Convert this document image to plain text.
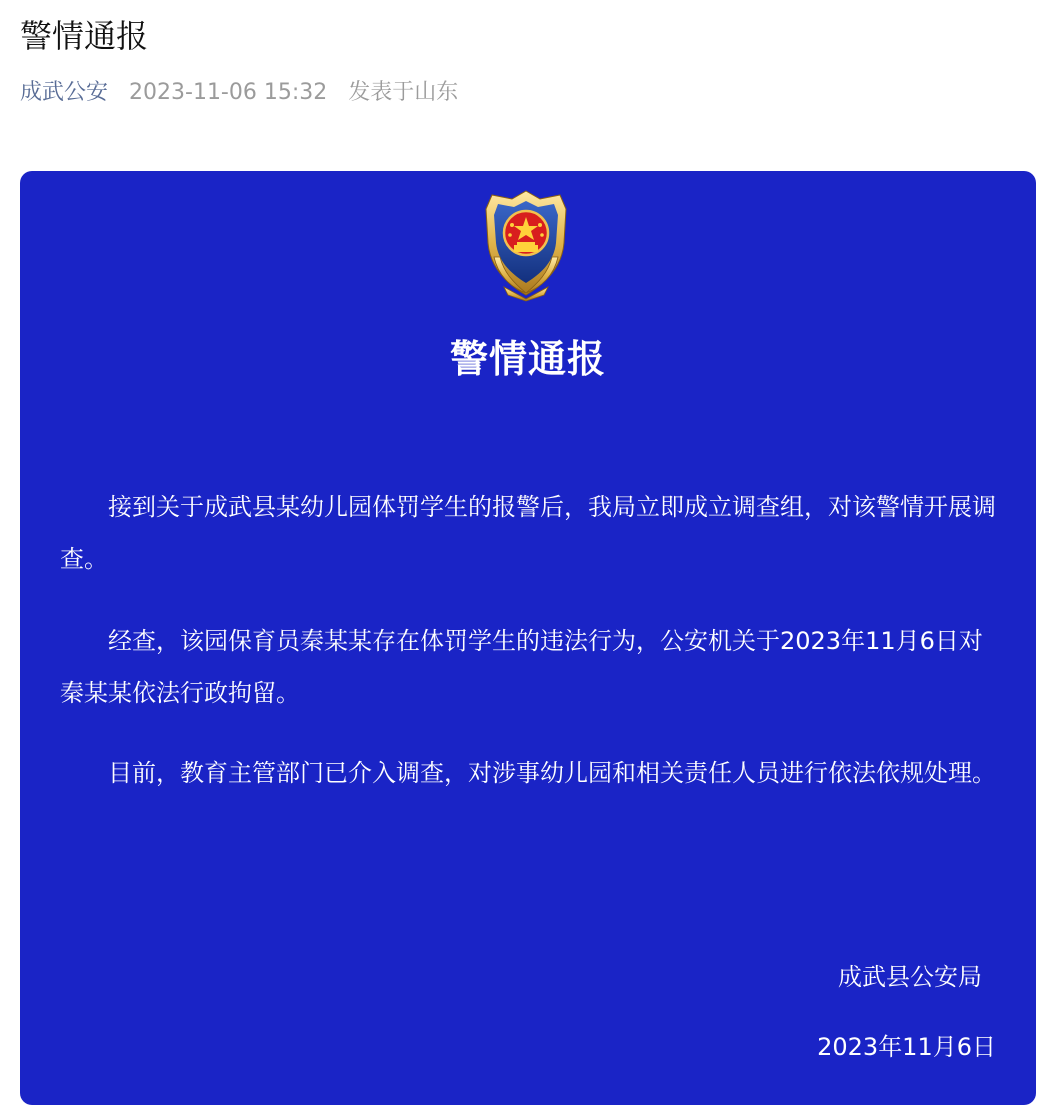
警情通报
成武公安 2023-11-06 15:32 发表于山东
警情通报

接到关于成武县某幼儿园体罚学生的报警后，我局立即成立调查组，对该警情开展调查。

经查，该园保育员秦某某存在体罚学生的违法行为，公安机关于2023年11月6日对秦某某依法行政拘留。

目前，教育主管部门已介入调查，对涉事幼儿园和相关责任人员进行依法依规处理。

成武县公安局
2023年11月6日
